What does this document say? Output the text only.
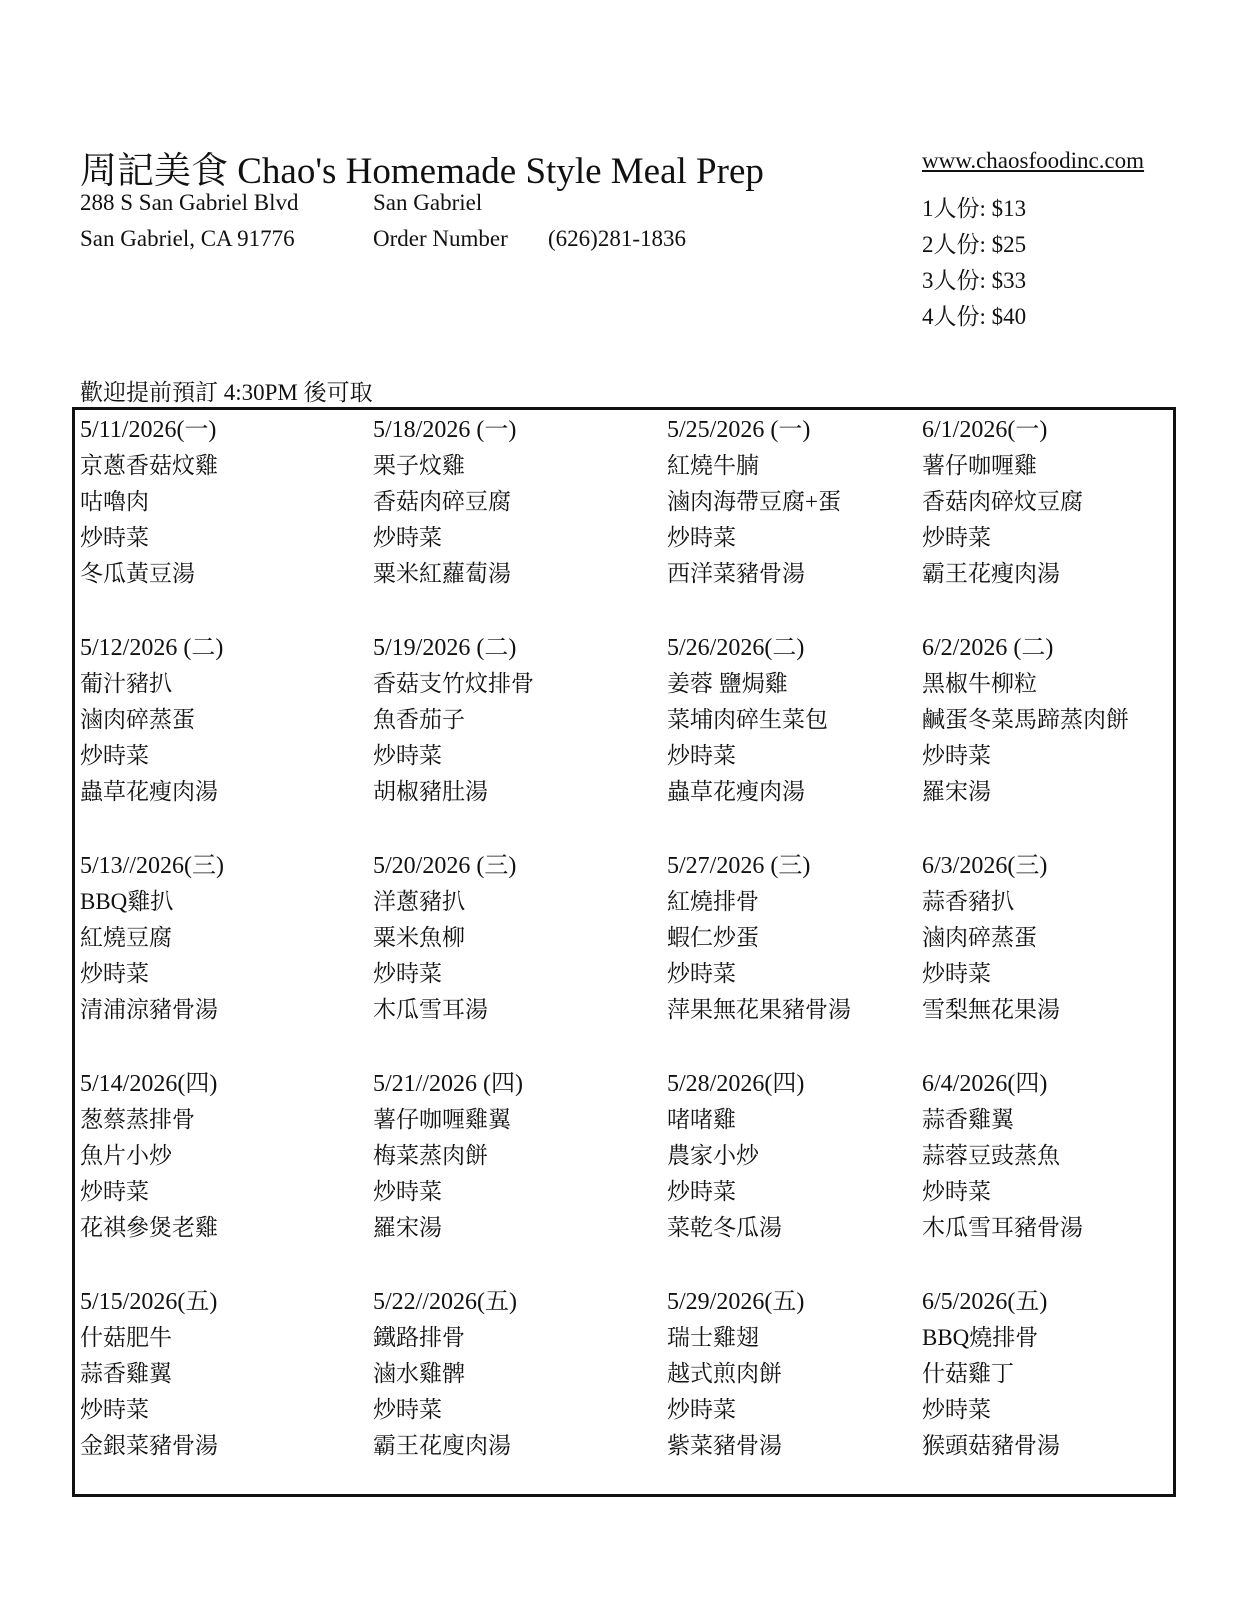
周記美食 Chao's Homemade Style Meal Prep	www.chaosfoodinc.com
288 S San Gabriel Blvd
San Gabriel, CA 91776
San Gabriel
Order Number (626)281-1836
1人份: $13
2人份: $25
3人份: $33
4人份: $40
歡迎提前預訂 4:30PM 後可取
5/11/2026(一)
京蔥香菇炆雞
咕嚕肉
炒時菜
冬瓜黃豆湯
5/18/2026 (一)
栗子炆雞
香菇肉碎豆腐
炒時菜
粟米紅蘿蔔湯
5/25/2026 (一)
紅燒牛腩
滷肉海帶豆腐+蛋
炒時菜
西洋菜豬骨湯
6/1/2026(一)
薯仔咖喱雞
香菇肉碎炆豆腐
炒時菜
霸王花瘦肉湯
5/12/2026 (二)
葡汁豬扒
滷肉碎蒸蛋
炒時菜
蟲草花瘦肉湯
5/19/2026 (二)
香菇支竹炆排骨
魚香茄子
炒時菜
胡椒豬肚湯
5/26/2026(二)
姜蓉 鹽焗雞
菜埔肉碎生菜包
炒時菜
蟲草花瘦肉湯
6/2/2026 (二)
黑椒牛柳粒
鹹蛋冬菜馬蹄蒸肉餅
炒時菜
羅宋湯
5/13//2026(三)
BBQ雞扒
紅燒豆腐
炒時菜
清浦涼豬骨湯
5/20/2026 (三)
洋蔥豬扒
粟米魚柳
炒時菜
木瓜雪耳湯
5/27/2026 (三)
紅燒排骨
蝦仁炒蛋
炒時菜
萍果無花果豬骨湯
6/3/2026(三)
蒜香豬扒
滷肉碎蒸蛋
炒時菜
雪梨無花果湯
5/14/2026(四)
葱蔡蒸排骨
魚片小炒
炒時菜
花祺參煲老雞
5/21//2026 (四)
薯仔咖喱雞翼
梅菜蒸肉餅
炒時菜
羅宋湯
5/28/2026(四)
啫啫雞
農家小炒
炒時菜
菜乾冬瓜湯
6/4/2026(四)
蒜香雞翼
蒜蓉豆豉蒸魚
炒時菜
木瓜雪耳豬骨湯
5/15/2026(五)
什菇肥牛
蒜香雞翼
炒時菜
金銀菜豬骨湯
5/22//2026(五)
鐵路排骨
滷水雞髀
炒時菜
霸王花廋肉湯
5/29/2026(五)
瑞士雞翅
越式煎肉餅
炒時菜
紫菜豬骨湯
6/5/2026(五)
BBQ燒排骨
什菇雞丁
炒時菜
猴頭菇豬骨湯
